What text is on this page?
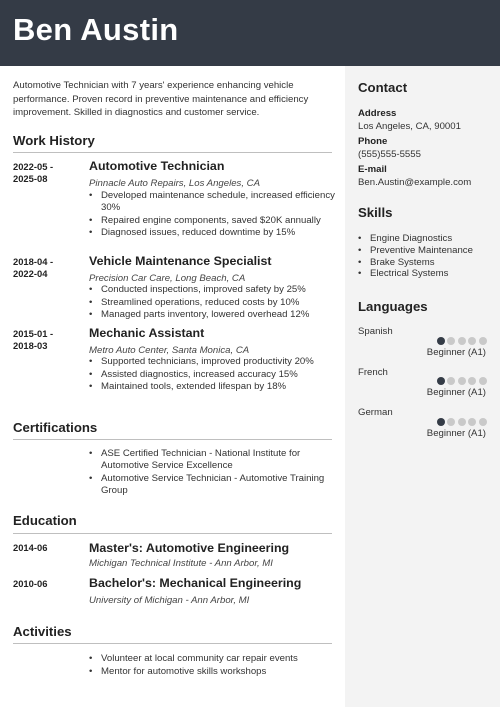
Ben Austin
Automotive Technician with 7 years' experience enhancing vehicle performance. Proven record in preventive maintenance and efficiency improvement. Skilled in diagnostics and customer service.
Work History
2022-05 -
2025-08
Automotive Technician
Pinnacle Auto Repairs, Los Angeles, CA
• Developed maintenance schedule, increased efficiency 30%
• Repaired engine components, saved $20K annually
• Diagnosed issues, reduced downtime by 15%
2018-04 -
2022-04
Vehicle Maintenance Specialist
Precision Car Care, Long Beach, CA
• Conducted inspections, improved safety by 25%
• Streamlined operations, reduced costs by 10%
• Managed parts inventory, lowered overhead 12%
2015-01 -
2018-03
Mechanic Assistant
Metro Auto Center, Santa Monica, CA
• Supported technicians, improved productivity 20%
• Assisted diagnostics, increased accuracy 15%
• Maintained tools, extended lifespan by 18%
Certifications
• ASE Certified Technician - National Institute for Automotive Service Excellence
• Automotive Service Technician - Automotive Training Group
Education
2014-06	Master's: Automotive Engineering
Michigan Technical Institute - Ann Arbor, MI
2010-06	Bachelor's: Mechanical Engineering
University of Michigan - Ann Arbor, MI
Activities
• Volunteer at local community car repair events
• Mentor for automotive skills workshops
Contact
Address
Los Angeles, CA, 90001
Phone
(555)555-5555
E-mail
Ben.Austin@example.com
Skills
• Engine Diagnostics
• Preventive Maintenance
• Brake Systems
• Electrical Systems
Languages
Spanish
Beginner (A1)
French
Beginner (A1)
German
Beginner (A1)
